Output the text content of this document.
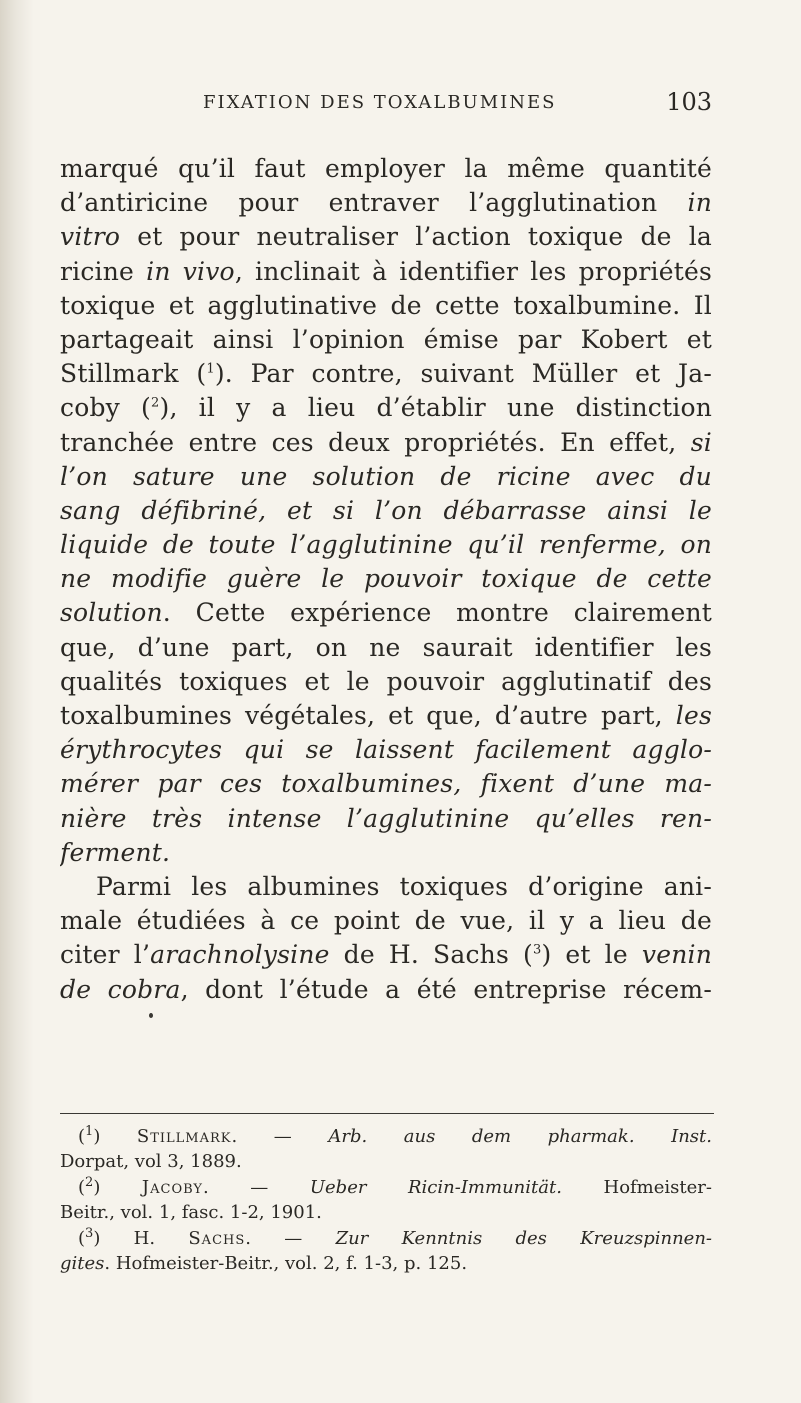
FIXATION DES TOXALBUMINES	103
marqué qu’il faut employer la même quantité
d’antiricine pour entraver l’agglutination in
vitro et pour neutraliser l’action toxique de la
ricine in vivo, inclinait à identifier les propriétés
toxique et agglutinative de cette toxalbumine. Il
partageait ainsi l’opinion émise par Kobert et
Stillmark ($^1$). Par contre, suivant Müller et Ja-
coby ($^2$), il y a lieu d’établir une distinction
tranchée entre ces deux propriétés. En effet, si
l’on sature une solution de ricine avec du
sang défibriné, et si l’on débarrasse ainsi le
liquide de toute l’agglutinine qu’il renferme, on
ne modifie guère le pouvoir toxique de cette
solution. Cette expérience montre clairement
que, d’une part, on ne saurait identifier les
qualités toxiques et le pouvoir agglutinatif des
toxalbumines végétales, et que, d’autre part, les
érythrocytes qui se laissent facilement agglo-
mérer par ces toxalbumines, fixent d’une ma-
nière très intense l’agglutinine qu’elles ren-
ferment.
Parmi les albumines toxiques d’origine ani-
male étudiées à ce point de vue, il y a lieu de
citer l’arachnolysine de H. Sachs ($^3$) et le venin
de cobra, dont l’étude a été entreprise récem-
($^1$) Stillmark. — Arb. aus dem pharmak. Inst.
Dorpat, vol 3, 1889.
($^2$) Jacoby. — Ueber Ricin-Immunität. Hofmeister-
Beitr., vol. 1, fasc. 1-2, 1901.
($^3$) H. Sachs. — Zur Kenntnis des Kreuzspinnen-
gites. Hofmeister-Beitr., vol. 2, f. 1-3, p. 125.
